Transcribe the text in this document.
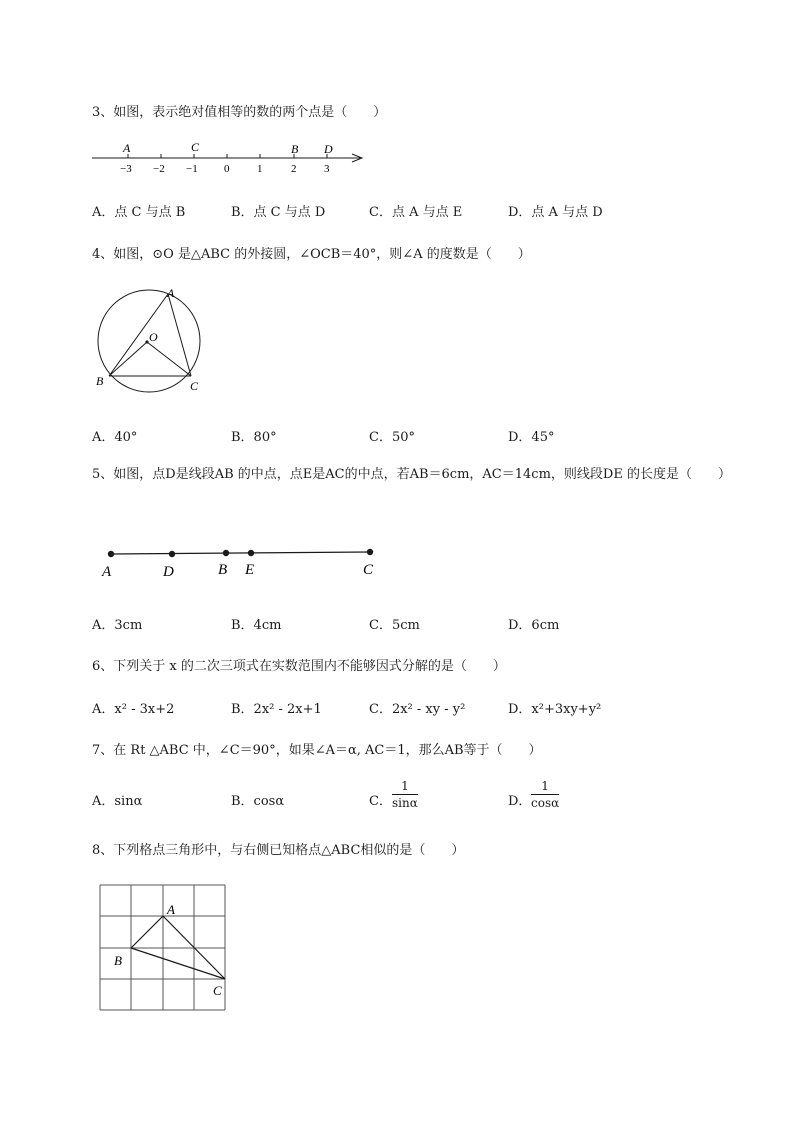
3、如图，表示绝对值相等的数的两个点是（　　）
A	C	B D
−3 −2 −1 0	1	2	3
A．点 C 与点 B	B．点 C 与点 D	C．点 A 与点 E	D．点 A 与点 D
4、如图，⊙O 是△ABC 的外接圆，∠OCB＝40°，则∠A 的度数是（　　）
A
O
B	C
A．40°	B．80°	C．50°	D．45°
5、如图，点D是线段AB 的中点，点E是AC的中点，若AB＝6cm，AC＝14cm，则线段DE 的长度是（　　）
A	D	B E	C
A．3cm	B．4cm	C．5cm	D．6cm
6、下列关于 x 的二次三项式在实数范围内不能够因式分解的是（　　）
A．x² - 3x+2	B．2x² - 2x+1	C．2x² - xy - y²	D．x²+3xy+y²
7、在 Rt △ABC 中，∠C＝90°，如果∠A＝α, AC＝1，那么AB等于（　　）
A．sinα	B．cosα	C． $\frac{1}{\sin\alpha}$	D． $\frac{1}{\cos\alpha}$
8、下列格点三角形中，与右侧已知格点△ABC相似的是（　　）
A
B
C
